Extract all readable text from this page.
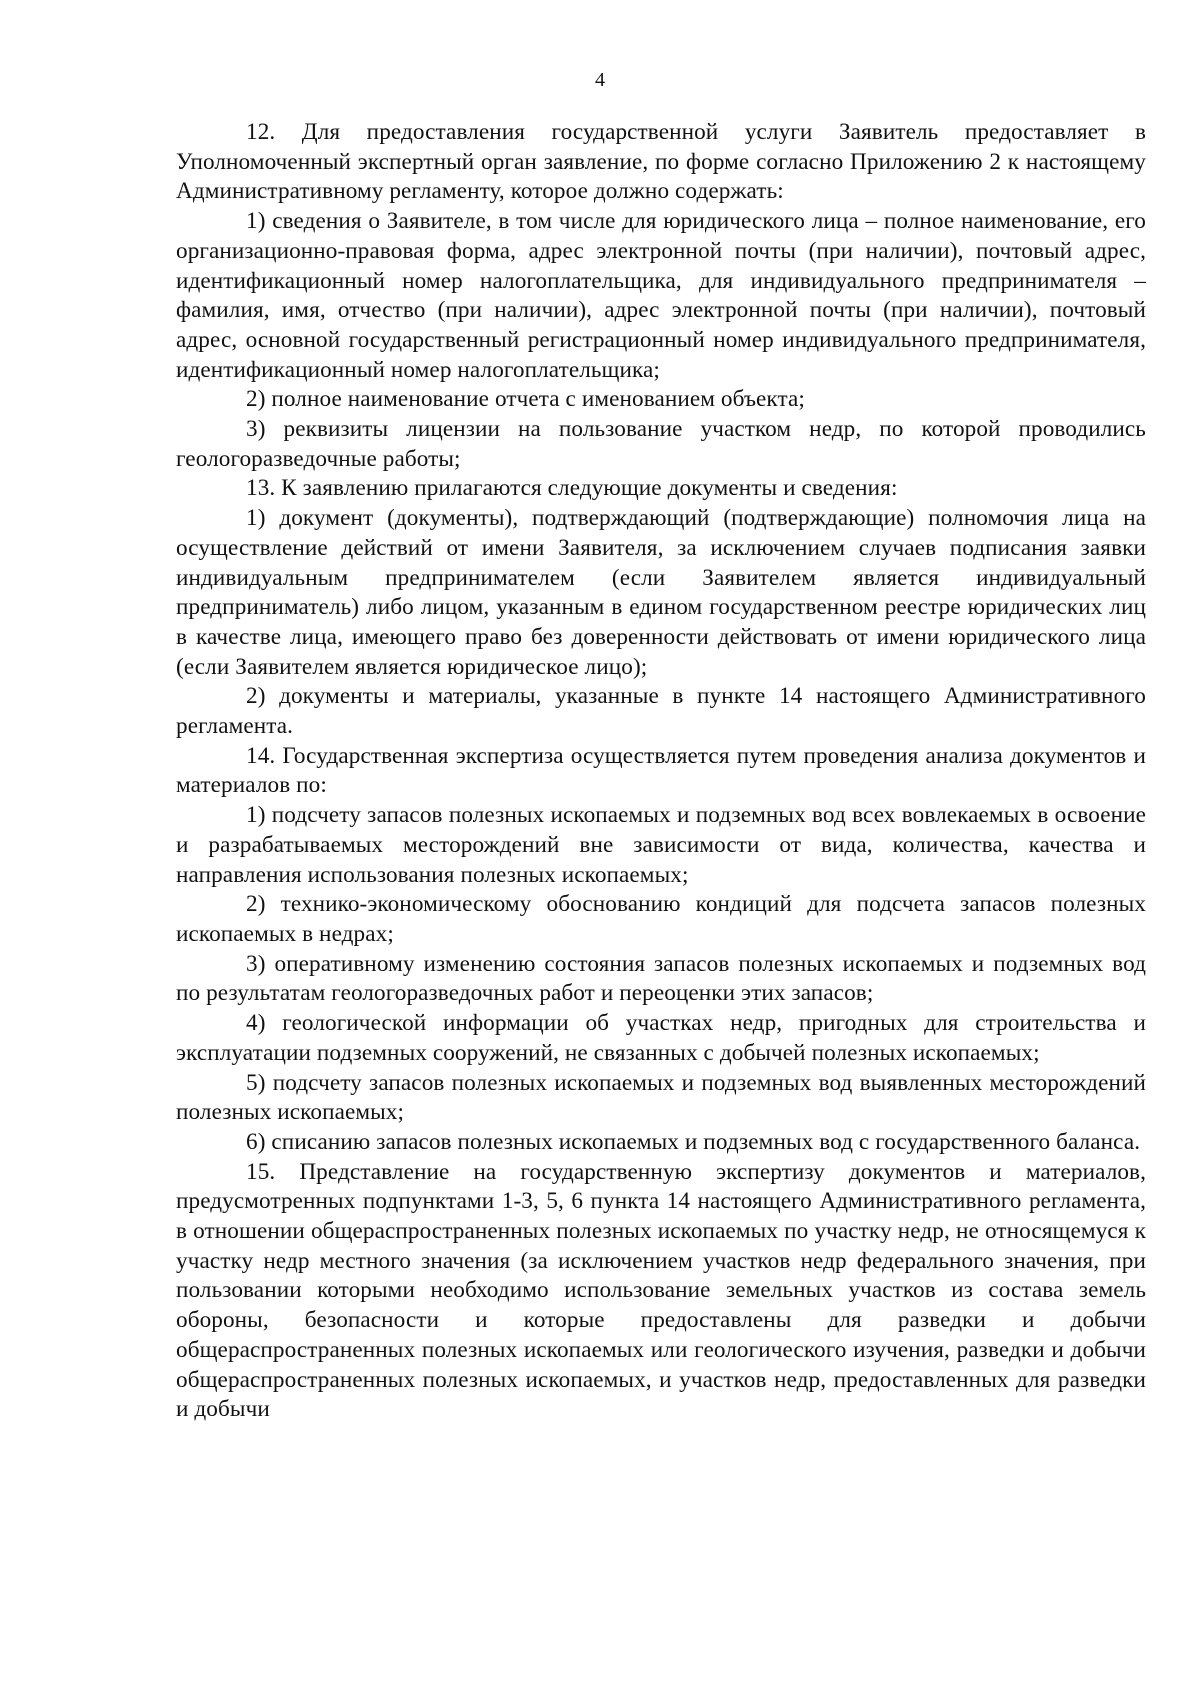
4

12. Для предоставления государственной услуги Заявитель предоставляет в Уполномоченный экспертный орган заявление, по форме согласно Приложению 2 к настоящему Административному регламенту, которое должно содержать:

1) сведения о Заявителе, в том числе для юридического лица – полное наименование, его организационно-правовая форма, адрес электронной почты (при наличии), почтовый адрес, идентификационный номер налогоплательщика, для индивидуального предпринимателя – фамилия, имя, отчество (при наличии), адрес электронной почты (при наличии), почтовый адрес, основной государственный регистрационный номер индивидуального предпринимателя, идентификационный номер налогоплательщика;

2) полное наименование отчета с именованием объекта;

3) реквизиты лицензии на пользование участком недр, по которой проводились геологоразведочные работы;

13. К заявлению прилагаются следующие документы и сведения:

1) документ (документы), подтверждающий (подтверждающие) полномочия лица на осуществление действий от имени Заявителя, за исключением случаев подписания заявки индивидуальным предпринимателем (если Заявителем является индивидуальный предприниматель) либо лицом, указанным в едином государственном реестре юридических лиц в качестве лица, имеющего право без доверенности действовать от имени юридического лица (если Заявителем является юридическое лицо);

2) документы и материалы, указанные в пункте 14 настоящего Административного регламента.

14. Государственная экспертиза осуществляется путем проведения анализа документов и материалов по:

1) подсчету запасов полезных ископаемых и подземных вод всех вовлекаемых в освоение и разрабатываемых месторождений вне зависимости от вида, количества, качества и направления использования полезных ископаемых;

2) технико-экономическому обоснованию кондиций для подсчета запасов полезных ископаемых в недрах;

3) оперативному изменению состояния запасов полезных ископаемых и подземных вод по результатам геологоразведочных работ и переоценки этих запасов;

4) геологической информации об участках недр, пригодных для строительства и эксплуатации подземных сооружений, не связанных с добычей полезных ископаемых;

5) подсчету запасов полезных ископаемых и подземных вод выявленных месторождений полезных ископаемых;

6) списанию запасов полезных ископаемых и подземных вод с государственного баланса.

15. Представление на государственную экспертизу документов и материалов, предусмотренных подпунктами 1-3, 5, 6 пункта 14 настоящего Административного регламента, в отношении общераспространенных полезных ископаемых по участку недр, не относящемуся к участку недр местного значения (за исключением участков недр федерального значения, при пользовании которыми необходимо использование земельных участков из состава земель обороны, безопасности и которые предоставлены для разведки и добычи общераспространенных полезных ископаемых или геологического изучения, разведки и добычи общераспространенных полезных ископаемых, и участков недр, предоставленных для разведки и добычи
